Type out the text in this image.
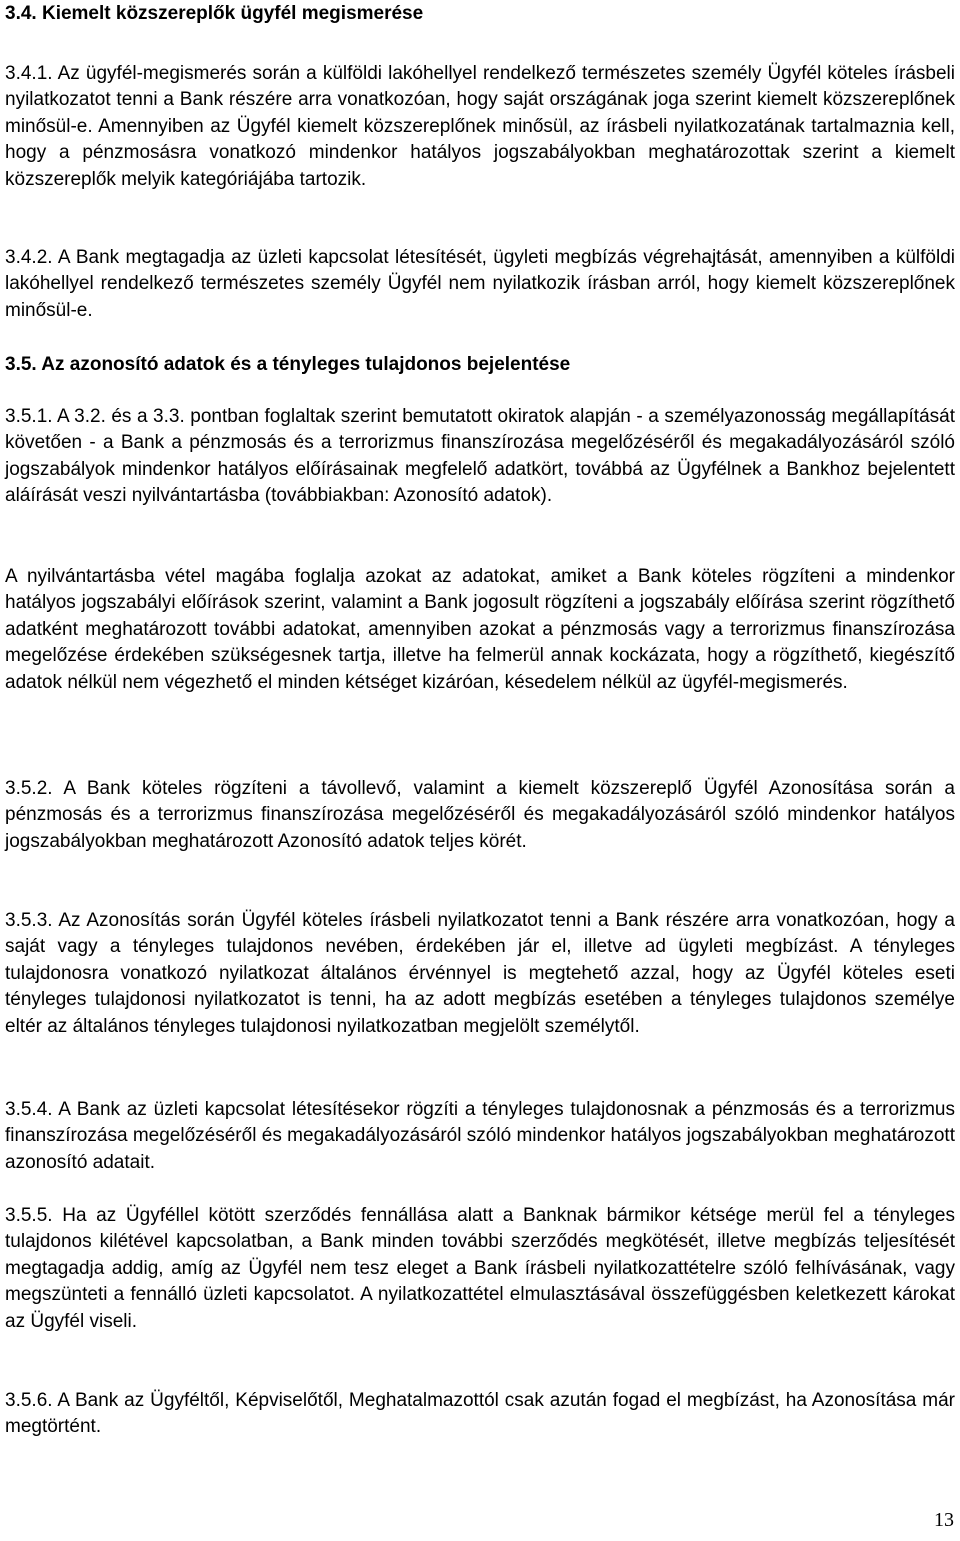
3.4. Kiemelt közszereplők ügyfél megismerése

3.4.1. Az ügyfél-megismerés során a külföldi lakóhellyel rendelkező természetes személy Ügyfél köteles írásbeli nyilatkozatot tenni a Bank részére arra vonatkozóan, hogy saját országának joga szerint kiemelt közszereplőnek minősül-e. Amennyiben az Ügyfél kiemelt közszereplőnek minősül, az írásbeli nyilatkozatának tartalmaznia kell, hogy a pénzmosásra vonatkozó mindenkor hatályos jogszabályokban meghatározottak szerint a kiemelt közszereplők melyik kategóriájába tartozik.

3.4.2. A Bank megtagadja az üzleti kapcsolat létesítését, ügyleti megbízás végrehajtását, amennyiben a külföldi lakóhellyel rendelkező természetes személy Ügyfél nem nyilatkozik írásban arról, hogy kiemelt közszereplőnek minősül-e.

3.5. Az azonosító adatok és a tényleges tulajdonos bejelentése

3.5.1. A 3.2. és a 3.3. pontban foglaltak szerint bemutatott okiratok alapján - a személyazonosság megállapítását követően - a Bank a pénzmosás és a terrorizmus finanszírozása megelőzéséről és megakadályozásáról szóló jogszabályok mindenkor hatályos előírásainak megfelelő adatkört, továbbá az Ügyfélnek a Bankhoz bejelentett aláírását veszi nyilvántartásba (továbbiakban: Azonosító adatok).

A nyilvántartásba vétel magába foglalja azokat az adatokat, amiket a Bank köteles rögzíteni a mindenkor hatályos jogszabályi előírások szerint, valamint a Bank jogosult rögzíteni a jogszabály előírása szerint rögzíthető adatként meghatározott további adatokat, amennyiben azokat a pénzmosás vagy a terrorizmus finanszírozása megelőzése érdekében szükségesnek tartja, illetve ha felmerül annak kockázata, hogy a rögzíthető, kiegészítő adatok nélkül nem végezhető el minden kétséget kizáróan, késedelem nélkül az ügyfél-megismerés.

3.5.2. A Bank köteles rögzíteni a távollevő, valamint a kiemelt közszereplő Ügyfél Azonosítása során a pénzmosás és a terrorizmus finanszírozása megelőzéséről és megakadályozásáról szóló mindenkor hatályos jogszabályokban meghatározott Azonosító adatok teljes körét.

3.5.3. Az Azonosítás során Ügyfél köteles írásbeli nyilatkozatot tenni a Bank részére arra vonatkozóan, hogy a saját vagy a tényleges tulajdonos nevében, érdekében jár el, illetve ad ügyleti megbízást. A tényleges tulajdonosra vonatkozó nyilatkozat általános érvénnyel is megtehető azzal, hogy az Ügyfél köteles eseti tényleges tulajdonosi nyilatkozatot is tenni, ha az adott megbízás esetében a tényleges tulajdonos személye eltér az általános tényleges tulajdonosi nyilatkozatban megjelölt személytől.

3.5.4. A Bank az üzleti kapcsolat létesítésekor rögzíti a tényleges tulajdonosnak a pénzmosás és a terrorizmus finanszírozása megelőzéséről és megakadályozásáról szóló mindenkor hatályos jogszabályokban meghatározott azonosító adatait.

3.5.5. Ha az Ügyféllel kötött szerződés fennállása alatt a Banknak bármikor kétsége merül fel a tényleges tulajdonos kilétével kapcsolatban, a Bank minden további szerződés megkötését, illetve megbízás teljesítését megtagadja addig, amíg az Ügyfél nem tesz eleget a Bank írásbeli nyilatkozattételre szóló felhívásának, vagy megszünteti a fennálló üzleti kapcsolatot. A nyilatkozattétel elmulasztásával összefüggésben keletkezett károkat az Ügyfél viseli.

3.5.6. A Bank az Ügyféltől, Képviselőtől, Meghatalmazottól csak azután fogad el megbízást, ha Azonosítása már megtörtént.

13
